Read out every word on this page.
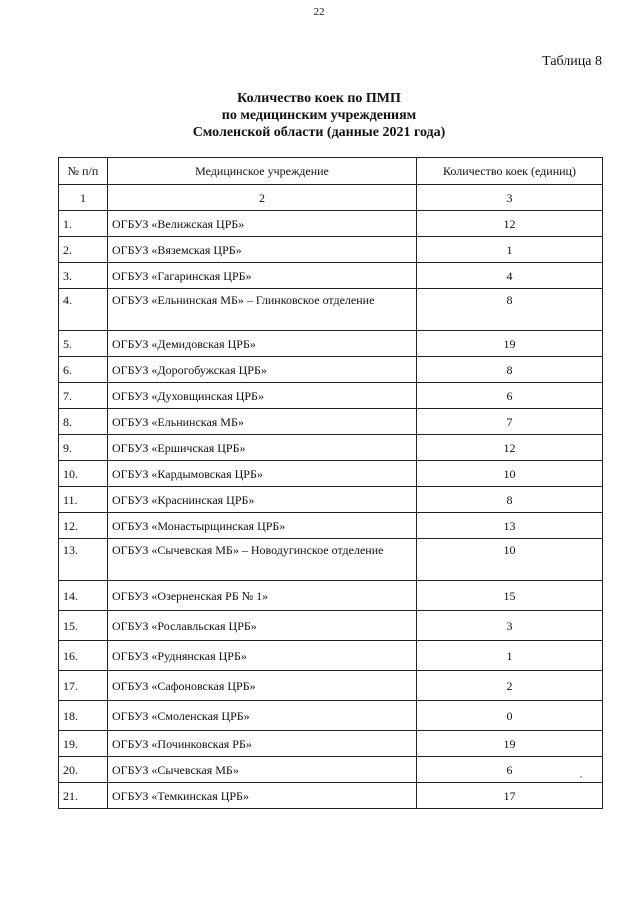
22
Таблица 8
Количество коек по ПМП
по медицинским учреждениям
Смоленской области (данные 2021 года)
№ п/п	Медицинское учреждение	Количество коек (единиц)
1	2	3
1.	ОГБУЗ «Велижская ЦРБ»	12
2.	ОГБУЗ «Вяземская ЦРБ»	1
3.	ОГБУЗ «Гагаринская ЦРБ»	4
4.	ОГБУЗ «Ельнинская МБ» – Глинковское отделение	8
5.	ОГБУЗ «Демидовская ЦРБ»	19
6.	ОГБУЗ «Дорогобужская ЦРБ»	8
7.	ОГБУЗ «Духовщинская ЦРБ»	6
8.	ОГБУЗ «Ельнинская МБ»	7
9.	ОГБУЗ «Ершичская ЦРБ»	12
10.	ОГБУЗ «Кардымовская ЦРБ»	10
11.	ОГБУЗ «Краснинская ЦРБ»	8
12.	ОГБУЗ «Монастырщинская ЦРБ»	13
13.	ОГБУЗ «Сычевская МБ» – Новодугинское отделение	10
14.	ОГБУЗ «Озерненская РБ № 1»	15
15.	ОГБУЗ «Рославльская ЦРБ»	3
16.	ОГБУЗ «Руднянская ЦРБ»	1
17.	ОГБУЗ «Сафоновская ЦРБ»	2
18.	ОГБУЗ «Смоленская ЦРБ»	0
19.	ОГБУЗ «Починковская РБ»	19
20.	ОГБУЗ «Сычевская МБ»	6
21.	ОГБУЗ «Темкинская ЦРБ»	17
